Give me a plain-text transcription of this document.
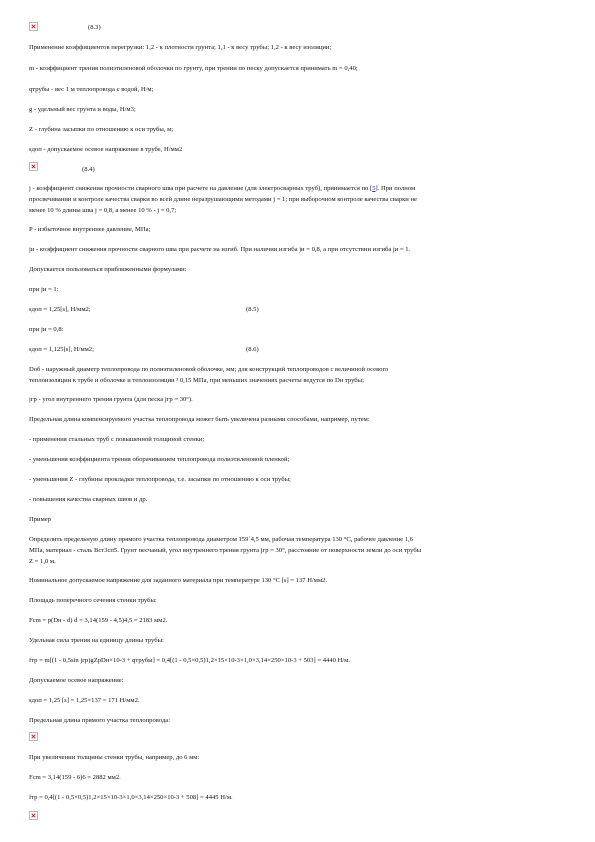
(8.3)
Применение коэффициентов перегрузки: 1,2 - к плотности грунта; 1,1 - к весу трубы; 1,2 - к весу изоляции;
m - коэффициент трения полиэтиленовой оболочки по грунту, при трении по песку допускается принимать m = 0,40;
qтрубы - вес 1 м теплопровода с водой, Н/м;
g - удельный вес грунта и воды, Н/м3;
Z - глубина засыпки по отношению к оси трубы, м;
sдоп - допускаемое осевое напряжение в трубе, Н/мм2
(8.4)
j - коэффициент снижения прочности сварного шва при расчете на давление (для электросварных труб), принимается по [5]. При полном
просвечивании и контроле качества сварки во всей длине неразрушающими методами j = 1; при выборочном контроле качества сварки не
менее 10 % длины шва j = 0,8, а менее 10 % - j = 0,7;
P - избыточное внутреннее давление, МПа;
jи - коэффициент снижения прочности сварного шва при расчете на изгиб. При наличии изгиба jи = 0,8, а при отсутствии изгиба jи = 1.
Допускается пользоваться приближенными формулами:
при jи = 1:
sдоп = 1,25[s], Н/мм2;	(8.5)
при jи = 0,8:
sдоп = 1,125[s], Н/мм2;	(8.6)
Dоб - наружный диаметр теплопровода по полиэтиленовой оболочке, мм; для конструкций теплопроводов с величиной осевого
теплоизоляции к трубе и оболочке и теплоизоляции ³ 0,15 МПа, при меньших значениях расчеты ведутся по Dн трубы;
jгр - угол внутреннего трения грунта (для песка jгр = 30°).
Предельная длина компенсируемого участка теплопровода может быть увеличена разными способами, например, путем:
- применения стальных труб с повышенной толщиной стенки;
- уменьшения коэффициента трения оборачиванием теплопровода полиэтиленовой пленкой;
- уменьшения Z - глубины прокладки теплопровода, т.е. засыпки по отношению к оси трубы;
- повышения качества сварных швов и др.
Пример
Определить предельную длину прямого участка теплопровода диаметром 159´4,5 мм, рабочая температура 130 °С, рабочее давление 1,6
МПа, материал - сталь Вст3сп5. Грунт песчаный, угол внутреннего трения грунта jгр = 30°, расстояние от поверхности земли до оси трубы
Z = 1,0 м.
Номинальное допускаемое напряжение для заданного материала при температуре 130 °С [s] = 137 Н/мм2.
Площадь поперечного сечения стенки трубы:
Fcm = p(Dн - d) d = 3,14(159 - 4,5)4,5 = 2183 мм2.
Удельная сила трения на единицу длины трубы:
fтр = m[(1 - 0,5sin jгр)gZpDн×10-3 + qтрубы] = 0,4[(1 - 0,5×0,5)1,2×15×10-3×1,0×3,14×250×10-3 + 503] = 4440 Н/м.
Допускаемое осевое напряжение:
sдоп = 1,25 [s] = 1,25×137 = 171 Н/мм2.
Предельная длина прямого участка теплопровода:
При увеличении толщины стенки трубы, например, до 6 мм:
Fcm = 3,14(159 - 6)6 = 2882 мм2.
fтр = 0,4[(1 - 0,5×0,5)1,2×15×10-3×1,0×3,14×250×10-3 + 508] = 4445 Н/м.
